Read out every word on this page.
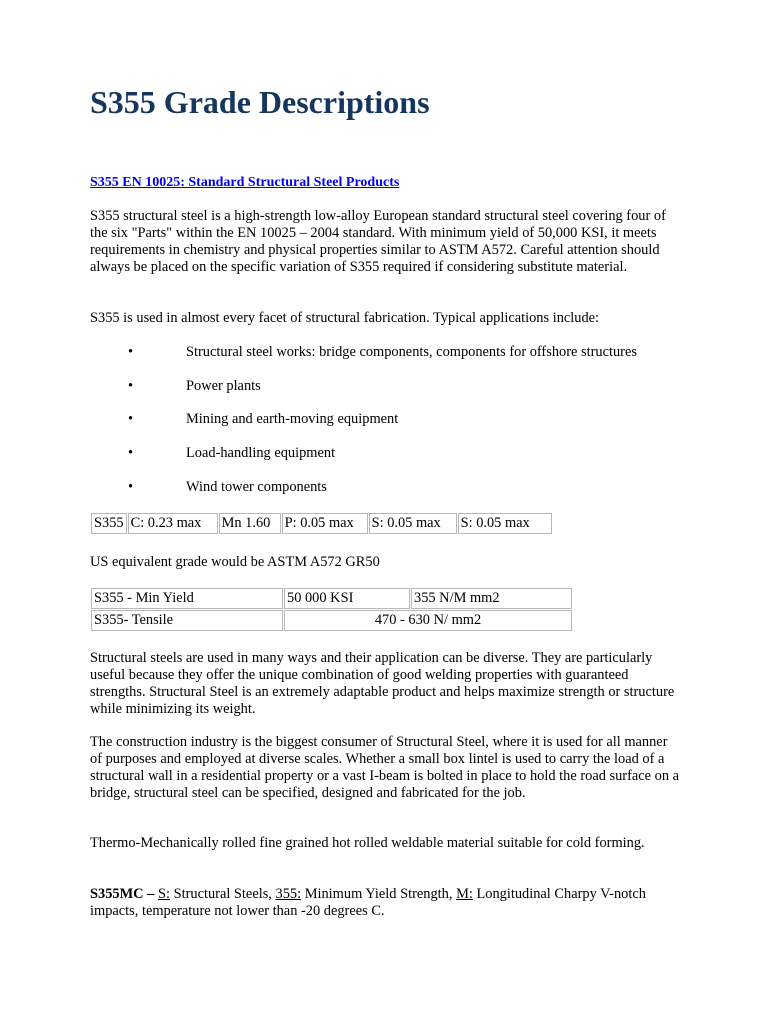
S355 Grade Descriptions
S355 EN 10025: Standard Structural Steel Products

S355 structural steel is a high-strength low-alloy European standard structural steel covering four of the six "Parts" within the EN 10025 – 2004 standard. With minimum yield of 50,000 KSI, it meets requirements in chemistry and physical properties similar to ASTM A572. Careful attention should always be placed on the specific variation of S355 required if considering substitute material.

S355 is used in almost every facet of structural fabrication. Typical applications include:

•	Structural steel works: bridge components, components for offshore structures
•	Power plants
•	Mining and earth-moving equipment
•	Load-handling equipment
•	Wind tower components
S355	C: 0.23 max	Mn 1.60	P: 0.05 max	S: 0.05 max	S: 0.05 max

US equivalent grade would be ASTM A572 GR50

S355 - Min Yield	50 000 KSI	355 N/M mm2
S355- Tensile	470 - 630 N/ mm2	

Structural steels are used in many ways and their application can be diverse. They are particularly useful because they offer the unique combination of good welding properties with guaranteed strengths. Structural Steel is an extremely adaptable product and helps maximize strength or structure while minimizing its weight.

The construction industry is the biggest consumer of Structural Steel, where it is used for all manner of purposes and employed at diverse scales. Whether a small box lintel is used to carry the load of a structural wall in a residential property or a vast I-beam is bolted in place to hold the road surface on a bridge, structural steel can be specified, designed and fabricated for the job.

Thermo-Mechanically rolled fine grained hot rolled weldable material suitable for cold forming.

S355MC – S: Structural Steels, 355: Minimum Yield Strength, M: Longitudinal Charpy V-notch impacts, temperature not lower than -20 degrees C.
